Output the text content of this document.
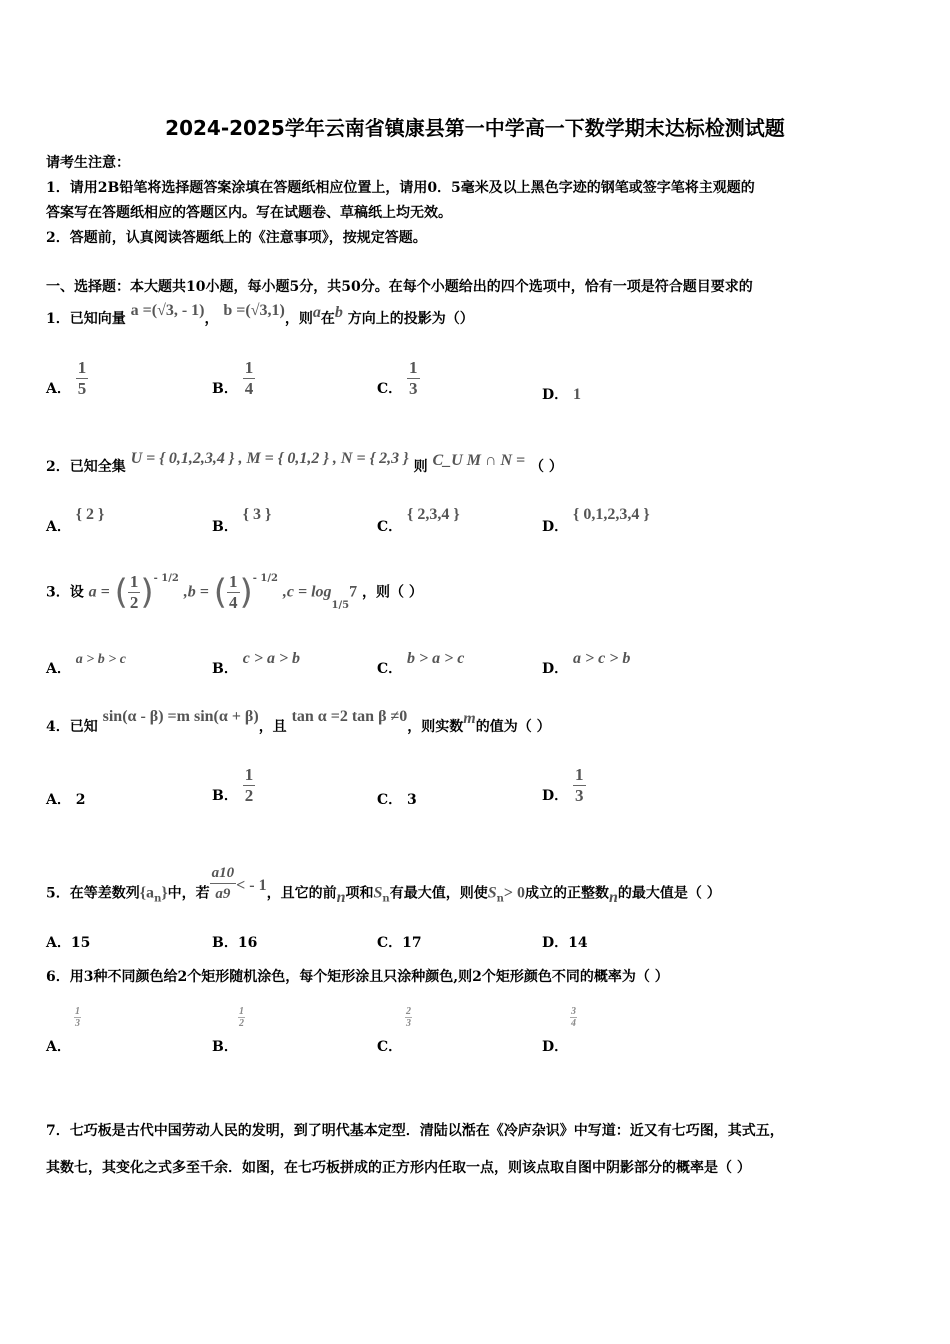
2024-2025学年云南省镇康县第一中学高一下数学期末达标检测试题
请考生注意：
1．请用2B铅笔将选择题答案涂填在答题纸相应位置上，请用0．5毫米及以上黑色字迹的钢笔或签字笔将主观题的
答案写在答题纸相应的答题区内。写在试题卷、草稿纸上均无效。
2．答题前，认真阅读答题纸上的《注意事项》，按规定答题。
一、选择题：本大题共10小题，每小题5分，共50分。在每个小题给出的四个选项中，恰有一项是符合题目要求的
1．已知向量 a =(√3, - 1)， b =(√3,1)，则a在b 方向上的投影为（）
A． $\frac{1}{5}$	B． $\frac{1}{4}$	C． $\frac{1}{3}$	D． 1
2．已知全集 U = { 0,1,2,3,4 } , M = { 0,1,2 } , N = { 2,3 } 则 C_U M ∩ N = （ ）
A． { 2 }
B． { 3 }
C． { 2,3,4 }
D． { 0,1,2,3,4 }
3．设 a = ( $\frac{1}{2} )^{- 1/2}$ ,b = ( $\frac{1}{4} )^{- 1/2}$ $,c = \log_{1/5}7$ ，则（ ）
A． a > b > c
B． c > a > b
C． b > a > c
D． a > c > b
4．已知 sin(α - β) =m sin(α + β)，且 tan α =2 tan β ≠0，则实数m的值为（ ）
A． 2	B． $\frac{1}{2}$	C． 3	D． $\frac{1}{3}$
5．在等差数列$\{a_n\}$中，若 $\frac{a10}{a9}$ < - 1，且它的前n项和$S_n$有最大值，则使$S_n> 0$成立的正整数n的最大值是（ ）
A．15	B．16	C．17	D．14
6．用3种不同颜色给2个矩形随机涂色，每个矩形涂且只涂种颜色,则2个矩形颜色不同的概率为（ ）
$\frac{1}{3}$
A．
$\frac{1}{2}$
B．
$\frac{2}{3}$
C．
$\frac{3}{4}$
D．
7．七巧板是古代中国劳动人民的发明，到了明代基本定型．清陆以湉在《冷庐杂识》中写道：近又有七巧图，其式五，
其数七，其变化之式多至千余．如图，在七巧板拼成的正方形内任取一点，则该点取自图中阴影部分的概率是（ ）
